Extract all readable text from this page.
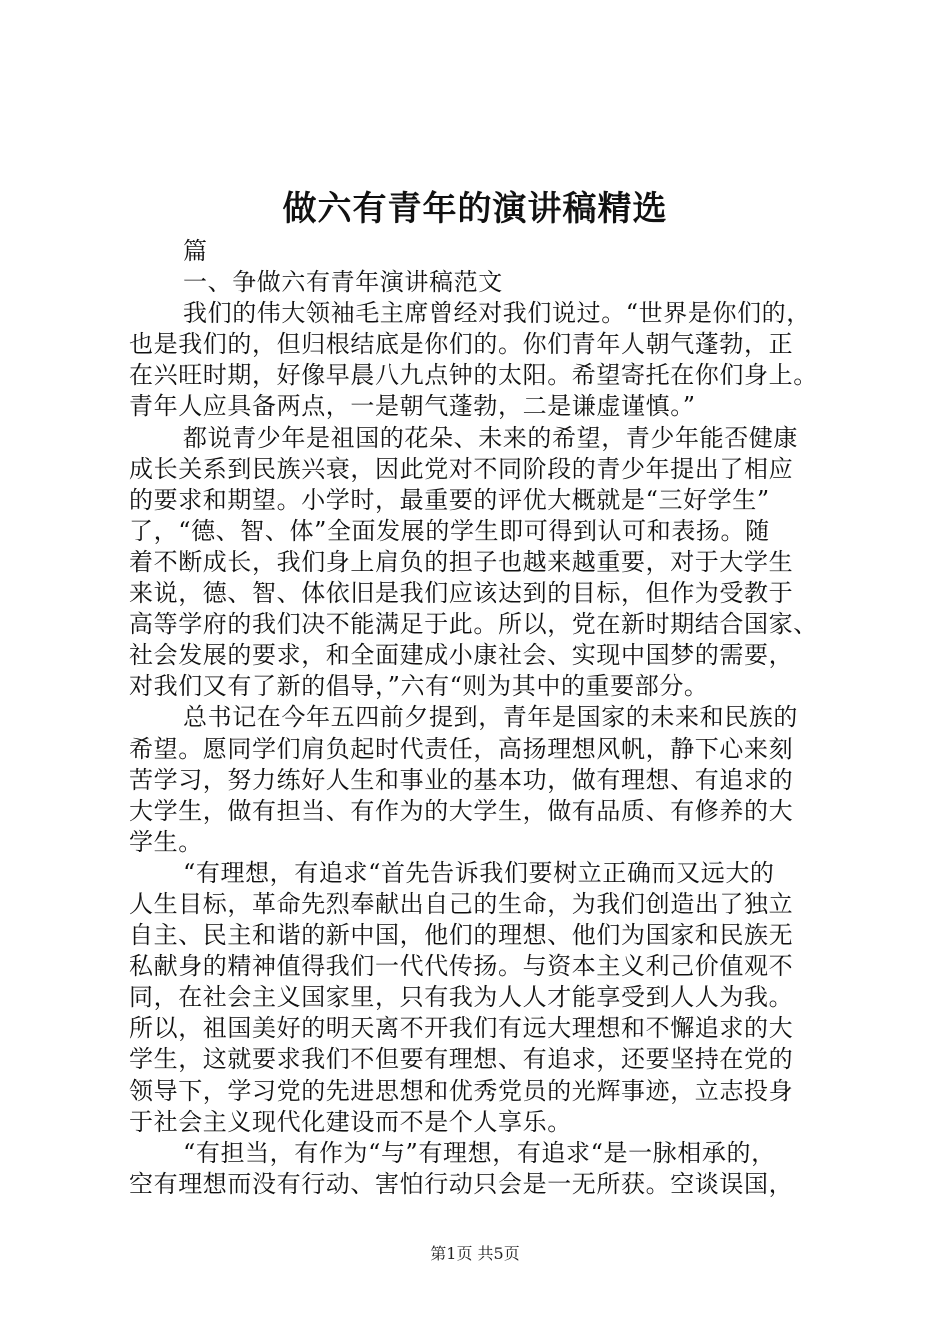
做六有青年的演讲稿精选
篇
一、争做六有青年演讲稿范文
我们的伟大领袖毛主席曾经对我们说过。“世界是你们的，
也是我们的，但归根结底是你们的。你们青年人朝气蓬勃，正
在兴旺时期，好像早晨八九点钟的太阳。希望寄托在你们身上。
青年人应具备两点，一是朝气蓬勃，二是谦虚谨慎。”
都说青少年是祖国的花朵、未来的希望，青少年能否健康
成长关系到民族兴衰，因此党对不同阶段的青少年提出了相应
的要求和期望。小学时，最重要的评优大概就是“三好学生”
了，“德、智、体”全面发展的学生即可得到认可和表扬。随
着不断成长，我们身上肩负的担子也越来越重要，对于大学生
来说，德、智、体依旧是我们应该达到的目标，但作为受教于
高等学府的我们决不能满足于此。所以，党在新时期结合国家、
社会发展的要求，和全面建成小康社会、实现中国梦的需要，
对我们又有了新的倡导，”六有“则为其中的重要部分。
总书记在今年五四前夕提到，青年是国家的未来和民族的
希望。愿同学们肩负起时代责任，高扬理想风帆，静下心来刻
苦学习，努力练好人生和事业的基本功，做有理想、有追求的
大学生，做有担当、有作为的大学生，做有品质、有修养的大
学生。
“有理想，有追求“首先告诉我们要树立正确而又远大的
人生目标，革命先烈奉献出自己的生命，为我们创造出了独立
自主、民主和谐的新中国，他们的理想、他们为国家和民族无
私献身的精神值得我们一代代传扬。与资本主义利己价值观不
同，在社会主义国家里，只有我为人人才能享受到人人为我。
所以，祖国美好的明天离不开我们有远大理想和不懈追求的大
学生，这就要求我们不但要有理想、有追求，还要坚持在党的
领导下，学习党的先进思想和优秀党员的光辉事迹，立志投身
于社会主义现代化建设而不是个人享乐。
“有担当，有作为“与”有理想，有追求“是一脉相承的，
空有理想而没有行动、害怕行动只会是一无所获。空谈误国，
第1页 共5页
